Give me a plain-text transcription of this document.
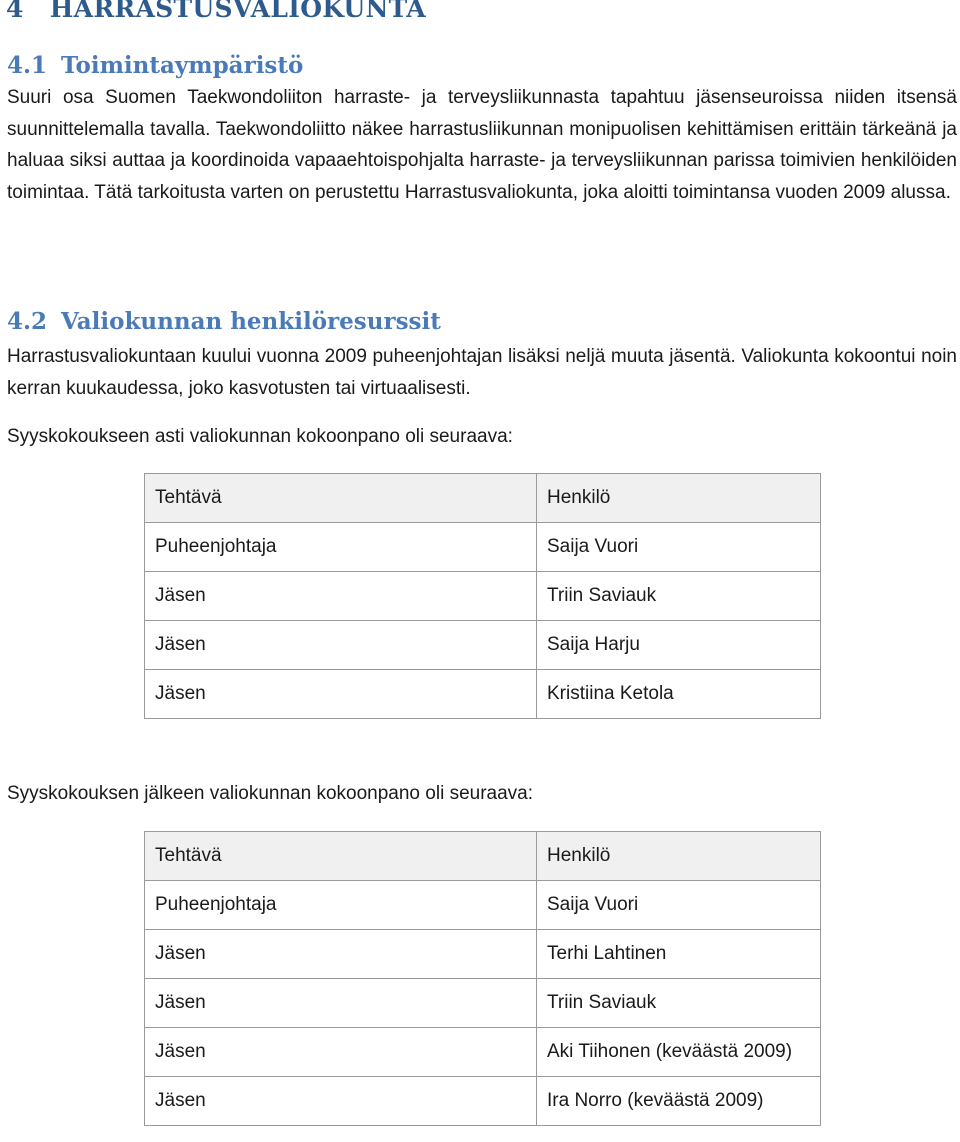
4 HARRASTUSVALIOKUNTA
4.1 Toimintaympäristö
Suuri osa Suomen Taekwondoliiton harraste- ja terveysliikunnasta tapahtuu jäsenseuroissa niiden itsensä suunnittelemalla tavalla. Taekwondoliitto näkee harrastusliikunnan monipuolisen kehittämisen erittäin tärkeänä ja haluaa siksi auttaa ja koordinoida vapaaehtoispohjalta harraste- ja terveysliikunnan parissa toimivien henkilöiden toimintaa. Tätä tarkoitusta varten on perustettu Harrastusvaliokunta, joka aloitti toimintansa vuoden 2009 alussa.
4.2 Valiokunnan henkilöresurssit
Harrastusvaliokuntaan kuului vuonna 2009 puheenjohtajan lisäksi neljä muuta jäsentä. Valiokunta kokoontui noin kerran kuukaudessa, joko kasvotusten tai virtuaalisesti.
Syyskokoukseen asti valiokunnan kokoonpano oli seuraava:
Tehtävä	Henkilö
Puheenjohtaja	Saija Vuori
Jäsen	Triin Saviauk
Jäsen	Saija Harju
Jäsen	Kristiina Ketola
Syyskokouksen jälkeen valiokunnan kokoonpano oli seuraava:
Tehtävä	Henkilö
Puheenjohtaja	Saija Vuori
Jäsen	Terhi Lahtinen
Jäsen	Triin Saviauk
Jäsen	Aki Tiihonen (keväästä 2009)
Jäsen	Ira Norro (keväästä 2009)
